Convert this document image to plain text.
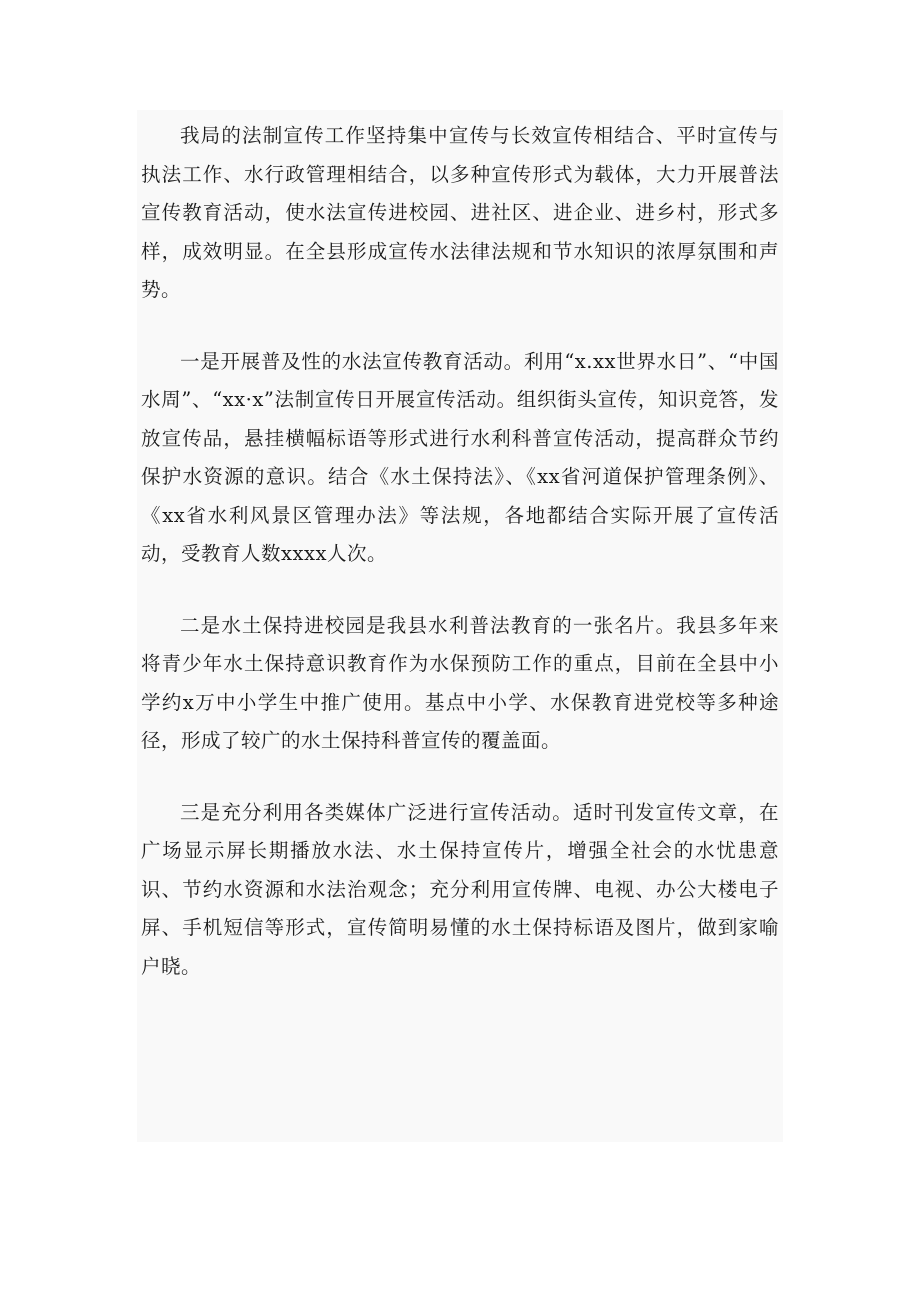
我局的法制宣传工作坚持集中宣传与长效宣传相结合、平时宣传与执法工作、水行政管理相结合，以多种宣传形式为载体，大力开展普法宣传教育活动，使水法宣传进校园、进社区、进企业、进乡村，形式多样，成效明显。在全县形成宣传水法律法规和节水知识的浓厚氛围和声势。

一是开展普及性的水法宣传教育活动。利用“x.xx世界水日”、“中国水周”、“xx·x”法制宣传日开展宣传活动。组织街头宣传，知识竞答，发放宣传品，悬挂横幅标语等形式进行水利科普宣传活动，提高群众节约保护水资源的意识。结合《水土保持法》、《xx省河道保护管理条例》、《xx省水利风景区管理办法》等法规，各地都结合实际开展了宣传活动，受教育人数xxxx人次。

二是水土保持进校园是我县水利普法教育的一张名片。我县多年来将青少年水土保持意识教育作为水保预防工作的重点，目前在全县中小学约x万中小学生中推广使用。基点中小学、水保教育进党校等多种途径，形成了较广的水土保持科普宣传的覆盖面。

三是充分利用各类媒体广泛进行宣传活动。适时刊发宣传文章，在广场显示屏长期播放水法、水土保持宣传片，增强全社会的水忧患意识、节约水资源和水法治观念；充分利用宣传牌、电视、办公大楼电子屏、手机短信等形式，宣传简明易懂的水土保持标语及图片，做到家喻户晓。
